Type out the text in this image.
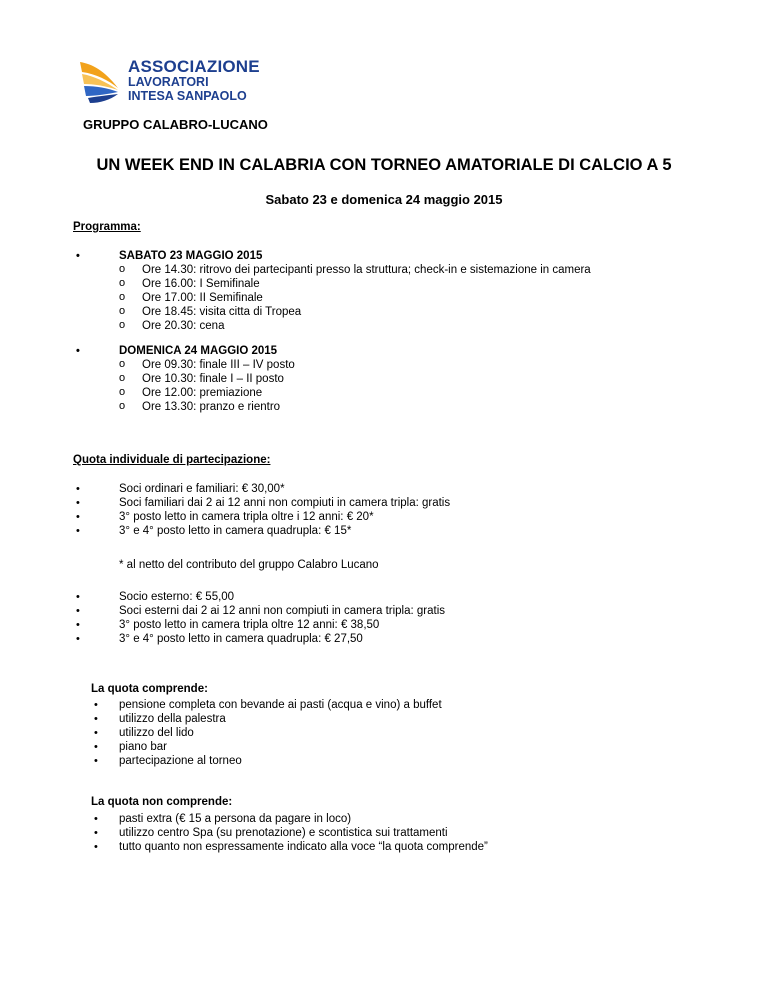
ASSOCIAZIONE
LAVORATORI
INTESA SANPAOLO
GRUPPO CALABRO-LUCANO
UN WEEK END IN CALABRIA CON TORNEO AMATORIALE DI CALCIO A 5
Sabato 23 e domenica 24 maggio 2015
Programma:
• SABATO 23 MAGGIO 2015
o Ore 14.30: ritrovo dei partecipanti presso la struttura; check-in e sistemazione in camera
o Ore 16.00: I Semifinale
o Ore 17.00: II Semifinale
o Ore 18.45: visita citta di Tropea
o Ore 20.30: cena
• DOMENICA 24 MAGGIO 2015
o Ore 09.30: finale III – IV posto
o Ore 10.30: finale I – II posto
o Ore 12.00: premiazione
o Ore 13.30: pranzo e rientro
Quota individuale di partecipazione:
• Soci ordinari e familiari: € 30,00*
• Soci familiari dai 2 ai 12 anni non compiuti in camera tripla: gratis
• 3° posto letto in camera tripla oltre i 12 anni: € 20*
• 3° e 4° posto letto in camera quadrupla: € 15*
* al netto del contributo del gruppo Calabro Lucano
• Socio esterno: € 55,00
• Soci esterni dai 2 ai 12 anni non compiuti in camera tripla: gratis
• 3° posto letto in camera tripla oltre 12 anni: € 38,50
• 3° e 4° posto letto in camera quadrupla: € 27,50
La quota comprende:
• pensione completa con bevande ai pasti (acqua e vino) a buffet
• utilizzo della palestra
• utilizzo del lido
• piano bar
• partecipazione al torneo
La quota non comprende:
• pasti extra (€ 15 a persona da pagare in loco)
• utilizzo centro Spa (su prenotazione) e scontistica sui trattamenti
• tutto quanto non espressamente indicato alla voce “la quota comprende”
